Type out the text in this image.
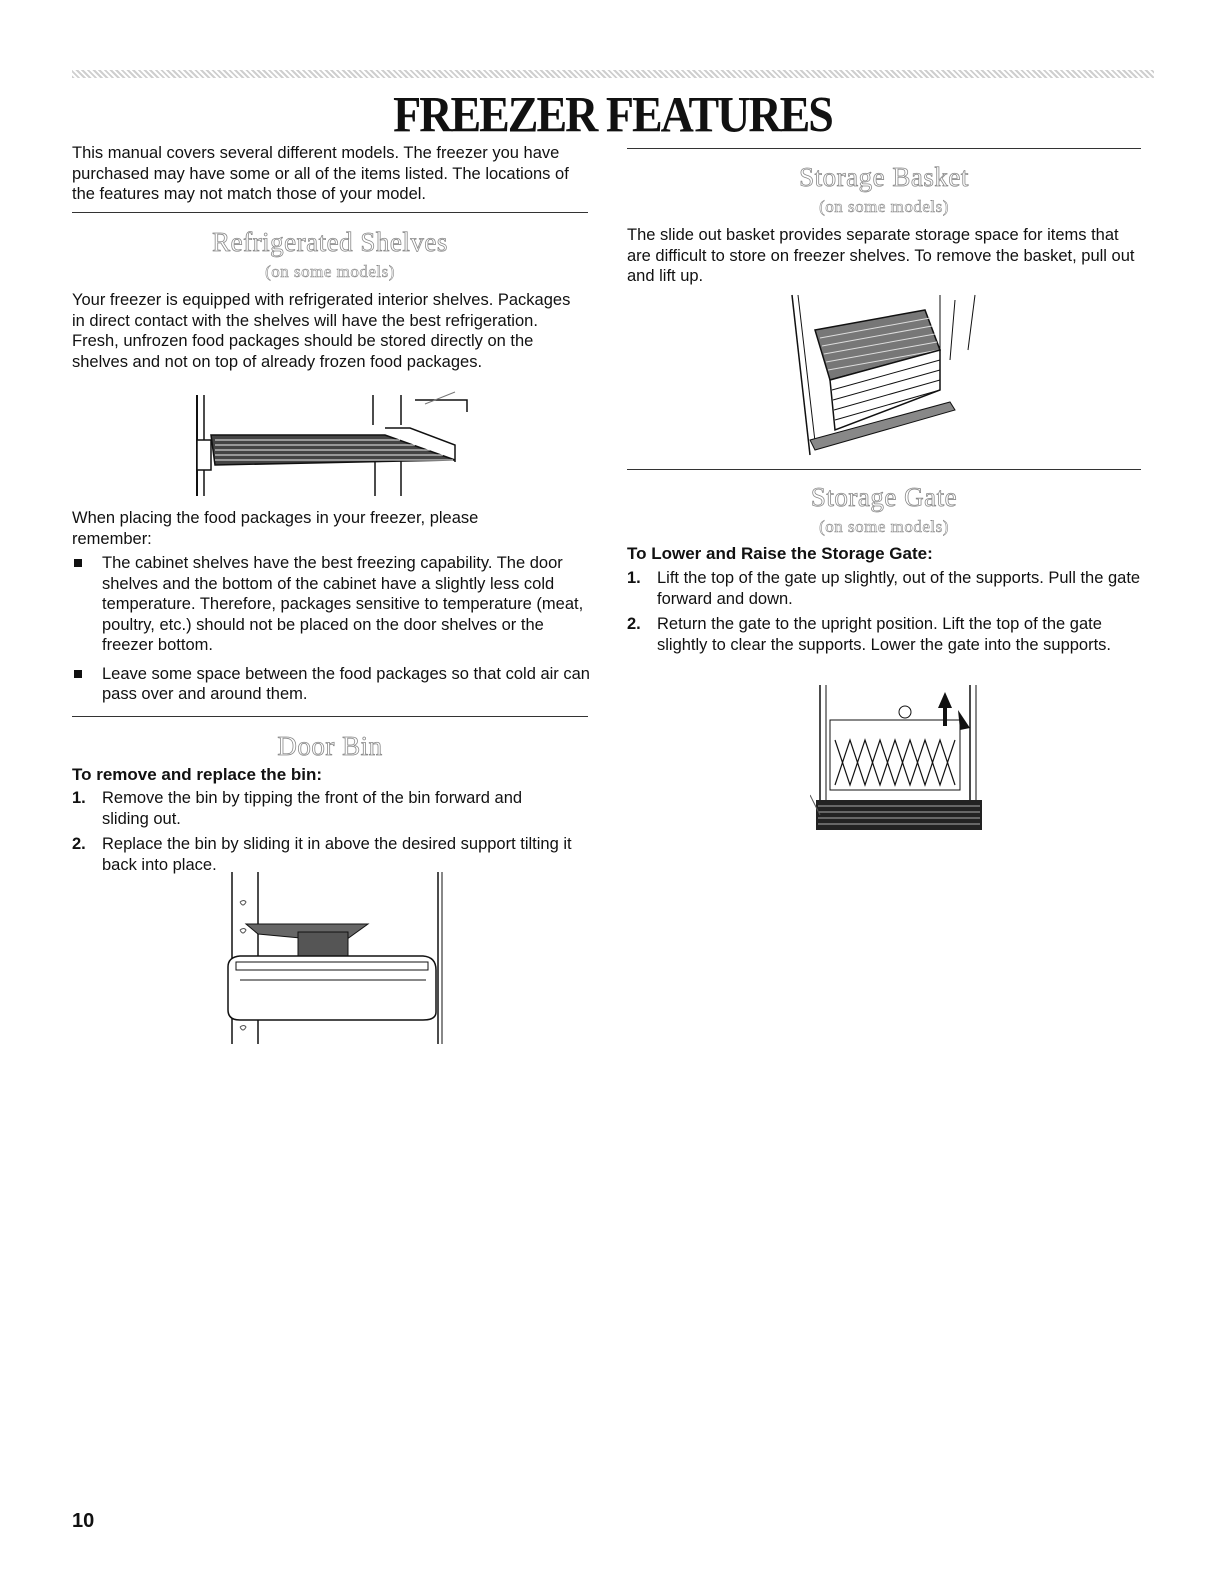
FREEZER FEATURES

This manual covers several different models. The freezer you have purchased may have some or all of the items listed. The locations of the features may not match those of your model.

Refrigerated Shelves
(on some models)

Your freezer is equipped with refrigerated interior shelves. Packages in direct contact with the shelves will have the best refrigeration. Fresh, unfrozen food packages should be stored directly on the shelves and not on top of already frozen food packages.

When placing the food packages in your freezer, please remember:

The cabinet shelves have the best freezing capability. The door shelves and the bottom of the cabinet have a slightly less cold temperature. Therefore, packages sensitive to temperature (meat, poultry, etc.) should not be placed on the door shelves or the freezer bottom.
Leave some space between the food packages so that cold air can pass over and around them.
Door Bin
To remove and replace the bin:
1. Remove the bin by tipping the front of the bin forward and sliding out.
2. Replace the bin by sliding it in above the desired support tilting it back into place.
Storage Basket
(on some models)

The slide out basket provides separate storage space for items that are difficult to store on freezer shelves. To remove the basket, pull out and lift up.

Storage Gate
(on some models)
To Lower and Raise the Storage Gate:
1. Lift the top of the gate up slightly, out of the supports. Pull the gate forward and down.
2. Return the gate to the upright position. Lift the top of the gate slightly to clear the supports. Lower the gate into the supports.
10
